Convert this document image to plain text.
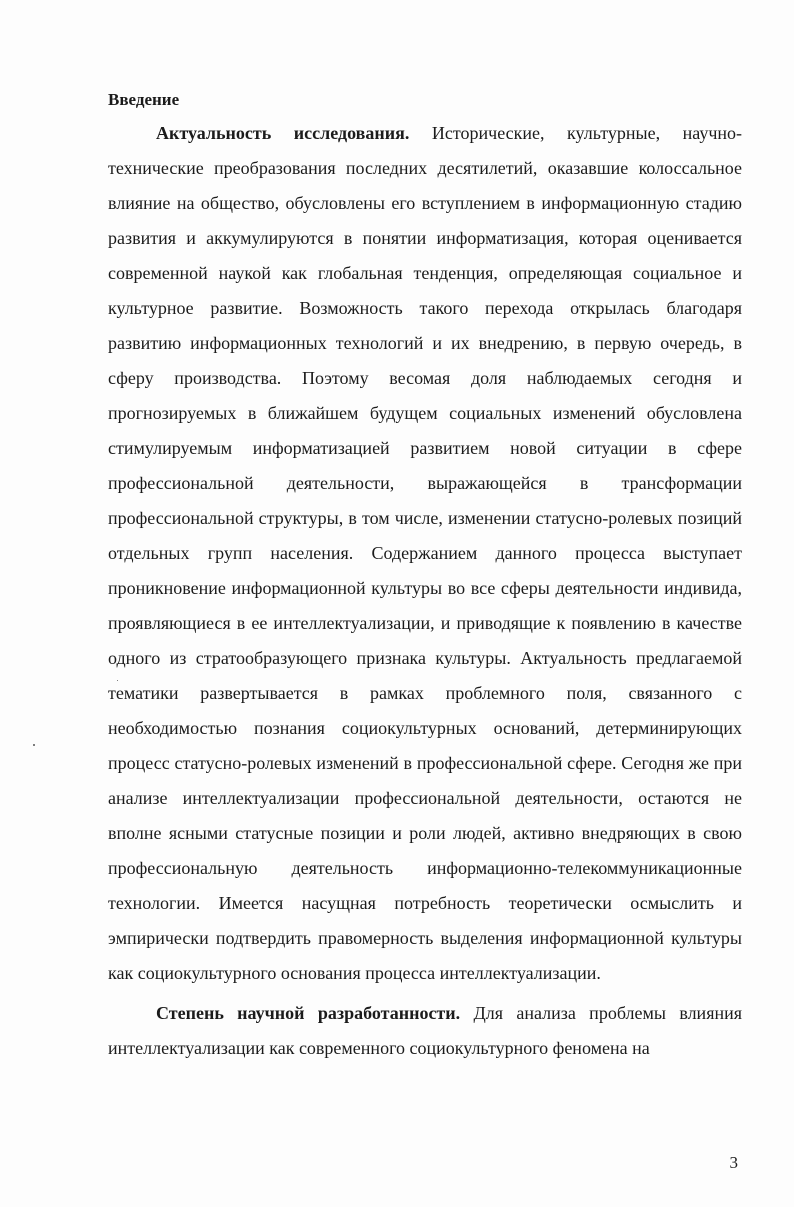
Введение

Актуальность исследования. Исторические, культурные, научно-технические преобразования последних десятилетий, оказавшие колоссальное влияние на общество, обусловлены его вступлением в информационную стадию развития и аккумулируются в понятии информатизация, которая оценивается современной наукой как глобальная тенденция, определяющая социальное и культурное развитие. Возможность такого перехода открылась благодаря развитию информационных технологий и их внедрению, в первую очередь, в сферу производства. Поэтому весомая доля наблюдаемых сегодня и прогнозируемых в ближайшем будущем социальных изменений обусловлена стимулируемым информатизацией развитием новой ситуации в сфере профессиональной деятельности, выражающейся в трансформации профессиональной структуры, в том числе, изменении статусно-ролевых позиций отдельных групп населения. Содержанием данного процесса выступает проникновение информационной культуры во все сферы деятельности индивида, проявляющиеся в ее интеллектуализации, и приводящие к появлению в качестве одного из стратообразующего признака культуры. Актуальность предлагаемой тематики развертывается в рамках проблемного поля, связанного с необходимостью познания социокультурных оснований, детерминирующих процесс статусно-ролевых изменений в профессиональной сфере. Сегодня же при анализе интеллектуализации профессиональной деятельности, остаются не вполне ясными статусные позиции и роли людей, активно внедряющих в свою профессиональную деятельность информационно-телекоммуникационные технологии. Имеется насущная потребность теоретически осмыслить и эмпирически подтвердить правомерность выделения информационной культуры как социокультурного основания процесса интеллектуализации.

Степень научной разработанности. Для анализа проблемы влияния интеллектуализации как современного социокультурного феномена на

3
